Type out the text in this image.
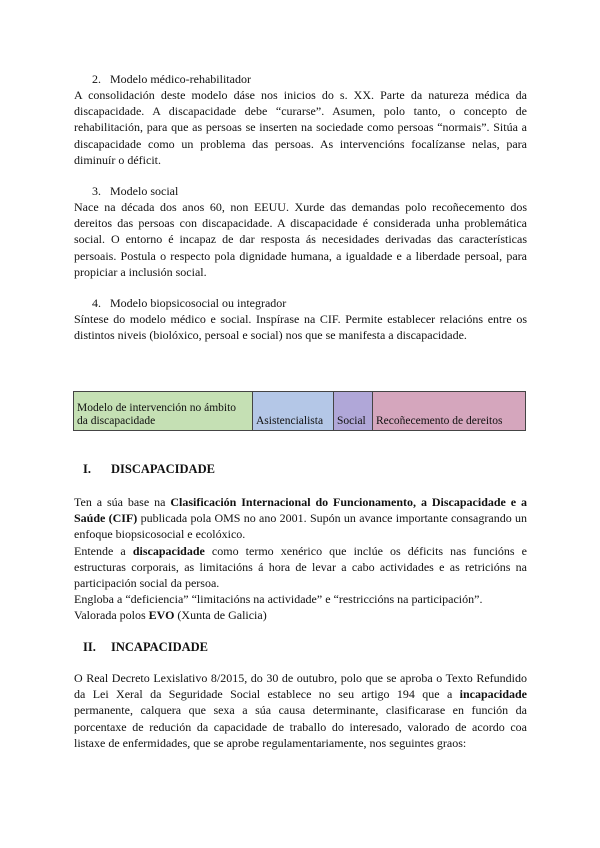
2. Modelo médico-rehabilitador
A consolidación deste modelo dáse nos inicios do s. XX. Parte da natureza médica da
discapacidade. A discapacidade debe “curarse”. Asumen, polo tanto, o concepto de
rehabilitación, para que as persoas se inserten na sociedade como persoas “normais”. Sitúa a
discapacidade como un problema das persoas. As intervencións focalízanse nelas, para
diminuír o déficit.
3. Modelo social
Nace na década dos anos 60, non EEUU. Xurde das demandas polo recoñecemento dos
dereitos das persoas con discapacidade. A discapacidade é considerada unha problemática
social. O entorno é incapaz de dar resposta ás necesidades derivadas das características
persoais. Postula o respecto pola dignidade humana, a igualdade e a liberdade persoal, para
propiciar a inclusión social.
4. Modelo biopsicosocial ou integrador
Síntese do modelo médico e social. Inspírase na CIF. Permite establecer relacións entre os
distintos niveis (biolóxico, persoal e social) nos que se manifesta a discapacidade.
Modelo de intervención no ámbito da discapacidade	Asistencialista	Social	Recoñecemento de dereitos
I. DISCAPACIDADE
Ten a súa base na Clasificación Internacional do Funcionamento, a Discapacidade e a Saúde (CIF) publicada pola OMS no ano 2001. Supón un avance importante consagrando un enfoque biopsicosocial e ecolóxico.
Entende a discapacidade como termo xenérico que inclúe os déficits nas funcións e estructuras corporais, as limitacións á hora de levar a cabo actividades e as retricións na participación social da persoa.
Engloba a “deficiencia” “limitacións na actividade” e “restriccións na participación”.
Valorada polos EVO (Xunta de Galicia)
II. INCAPACIDADE
O Real Decreto Lexislativo 8/2015, do 30 de outubro, polo que se aproba o Texto Refundido da Lei Xeral da Seguridade Social establece no seu artigo 194 que a incapacidade permanente, calquera que sexa a súa causa determinante, clasificarase en función da porcentaxe de redución da capacidade de traballo do interesado, valorado de acordo coa listaxe de enfermidades, que se aprobe regulamentariamente, nos seguintes graos:
